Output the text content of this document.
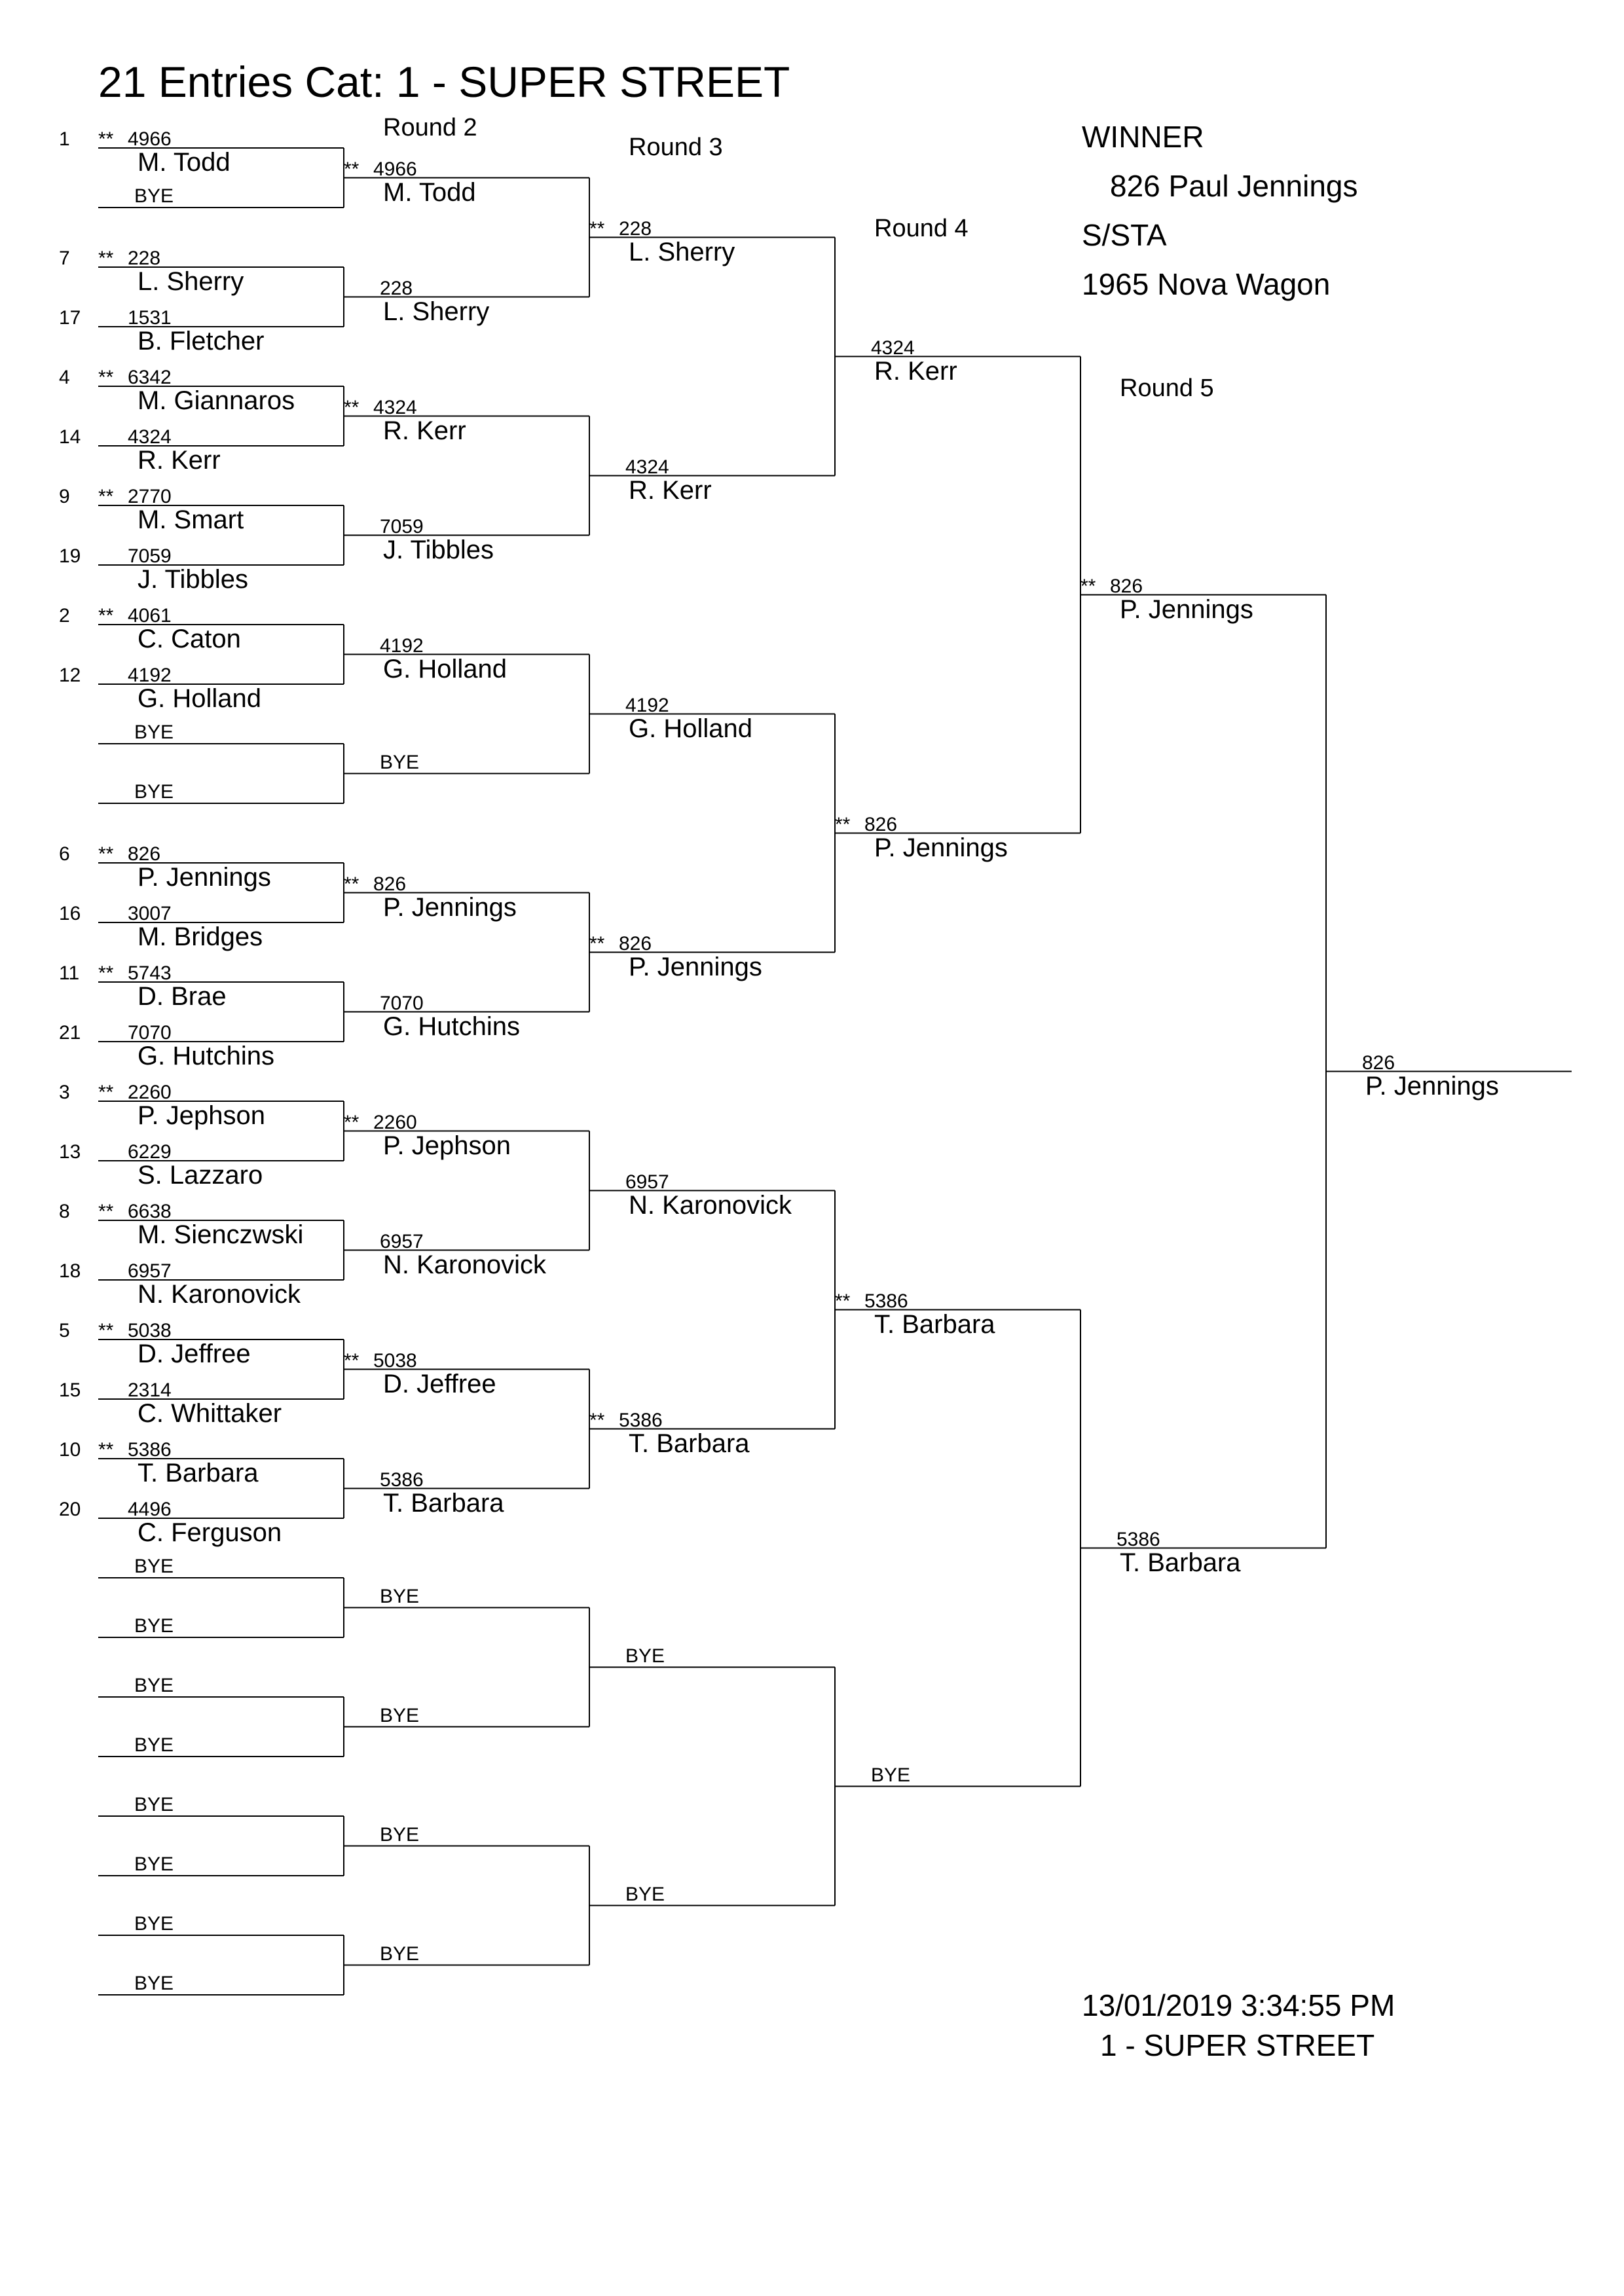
21 Entries Cat: 1 - SUPER STREET
Round 2
Round 3
Round 4
Round 5
WINNER
826 Paul Jennings
S/STA
1965 Nova Wagon
13/01/2019 3:34:55 PM
1 - SUPER STREET
1 ** 4966
M. Todd
BYE
7 ** 228
L. Sherry
17 1531
B. Fletcher
4 ** 6342
M. Giannaros
14 4324
R. Kerr
9 ** 2770
M. Smart
19 7059
J. Tibbles
2 ** 4061
C. Caton
12 4192
G. Holland
BYE
BYE
6 ** 826
P. Jennings
16 3007
M. Bridges
11 ** 5743
D. Brae
21 7070
G. Hutchins
3 ** 2260
P. Jephson
13 6229
S. Lazzaro
8 ** 6638
M. Sienczwski
18 6957
N. Karonovick
5 ** 5038
D. Jeffree
15 2314
C. Whittaker
10 ** 5386
T. Barbara
20 4496
C. Ferguson
BYE
BYE
BYE
BYE
BYE
BYE
BYE
BYE
** 4966
M. Todd
228
L. Sherry
** 4324
R. Kerr
7059
J. Tibbles
4192
G. Holland
BYE
** 826
P. Jennings
7070
G. Hutchins
** 2260
P. Jephson
6957
N. Karonovick
** 5038
D. Jeffree
5386
T. Barbara
BYE
BYE
BYE
BYE
** 228
L. Sherry
4324
R. Kerr
4192
G. Holland
** 826
P. Jennings
6957
N. Karonovick
** 5386
T. Barbara
BYE
BYE
4324
R. Kerr
** 826
P. Jennings
** 5386
T. Barbara
BYE
** 826
P. Jennings
5386
T. Barbara
826
P. Jennings
